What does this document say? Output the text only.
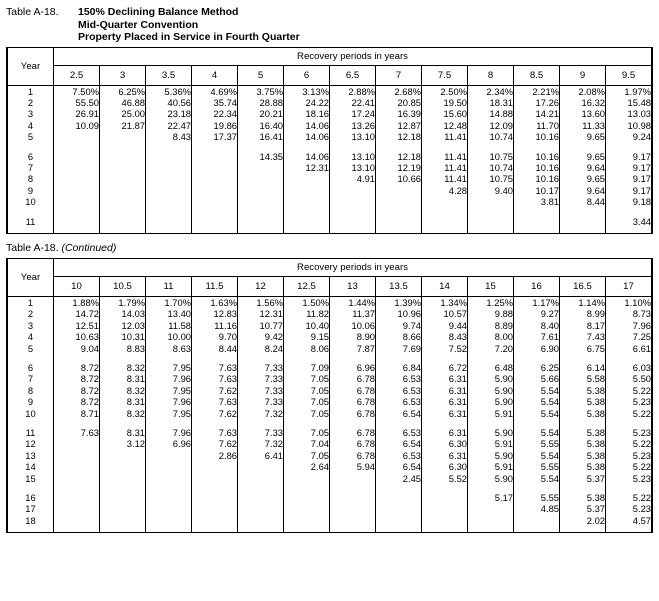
Table A-18.	150% Declining Balance Method
Mid-Quarter Convention
Property Placed in Service in Fourth Quarter
Year	Recovery periods in years												
	2.5	3	3.5	4	5	6	6.5	7	7.5	8	8.5	9	9.5
1	7.50%	6.25%	5.36%	4.69%	3.75%	3.13%	2.88%	2.68%	2.50%	2.34%	2.21%	2.08%	1.97%
2	55.50	46.88	40.56	35.74	28.88	24.22	22.41	20.85	19.50	18.31	17.26	16.32	15.48
3	26.91	25.00	23.18	22.34	20.21	18.16	17.24	16.39	15.60	14.88	14.21	13.60	13.03
4	10.09	21.87	22.47	19.86	16.40	14.06	13.26	12.87	12.48	12.09	11.70	11.33	10.98
5			8.43	17.37	16.41	14.06	13.10	12.18	11.41	10.74	10.16	9.65	9.24

6					14.35	14.06	13.10	12.18	11.41	10.75	10.16	9.65	9.17
7						12.31	13.10	12.19	11.41	10.74	10.16	9.64	9.17
8							4.91	10.66	11.41	10.75	10.16	9.65	9.17
9									4.28	9.40	10.17	9.64	9.17
10											3.81	8.44	9.18

11													3.44

Table A-18. (Continued)
Year	Recovery periods in years												
	10	10.5	11	11.5	12	12.5	13	13.5	14	15	16	16.5	17
1	1.88%	1.79%	1.70%	1.63%	1.56%	1.50%	1.44%	1.39%	1.34%	1.25%	1.17%	1.14%	1.10%
2	14.72	14.03	13.40	12.83	12.31	11.82	11.37	10.96	10.57	9.88	9.27	8.99	8.73
3	12.51	12.03	11.58	11.16	10.77	10.40	10.06	9.74	9.44	8.89	8.40	8.17	7.96
4	10.63	10.31	10.00	9.70	9.42	9.15	8.90	8.66	8.43	8.00	7.61	7.43	7.25
5	9.04	8.83	8.63	8.44	8.24	8.06	7.87	7.69	7.52	7.20	6.90	6.75	6.61

6	8.72	8.32	7.95	7.63	7.33	7.09	6.96	6.84	6.72	6.48	6.25	6.14	6.03
7	8.72	8.31	7.96	7.63	7.33	7.05	6.78	6.53	6.31	5.90	5.66	5.58	5.50
8	8.72	8.32	7.95	7.62	7.33	7.05	6.78	6.53	6.31	5.90	5.54	5.38	5.22
9	8.72	8.31	7.96	7.63	7.33	7.05	6.78	6.53	6.31	5.90	5.54	5.38	5.23
10	8.71	8.32	7.95	7.62	7.32	7.05	6.78	6.54	6.31	5.91	5.54	5.38	5.22

11	7.63	8.31	7.96	7.63	7.33	7.05	6.78	6.53	6.31	5.90	5.54	5.38	5.23
12		3.12	6.96	7.62	7.32	7.04	6.78	6.54	6.30	5.91	5.55	5.38	5.22
13				2.86	6.41	7.05	6.78	6.53	6.31	5.90	5.54	5.38	5.23
14						2.64	5.94	6.54	6.30	5.91	5.55	5.38	5.22
15								2.45	5.52	5.90	5.54	5.37	5.23

16										5.17	5.55	5.38	5.22
17											4.85	5.37	5.23
18												2.02	4.57
